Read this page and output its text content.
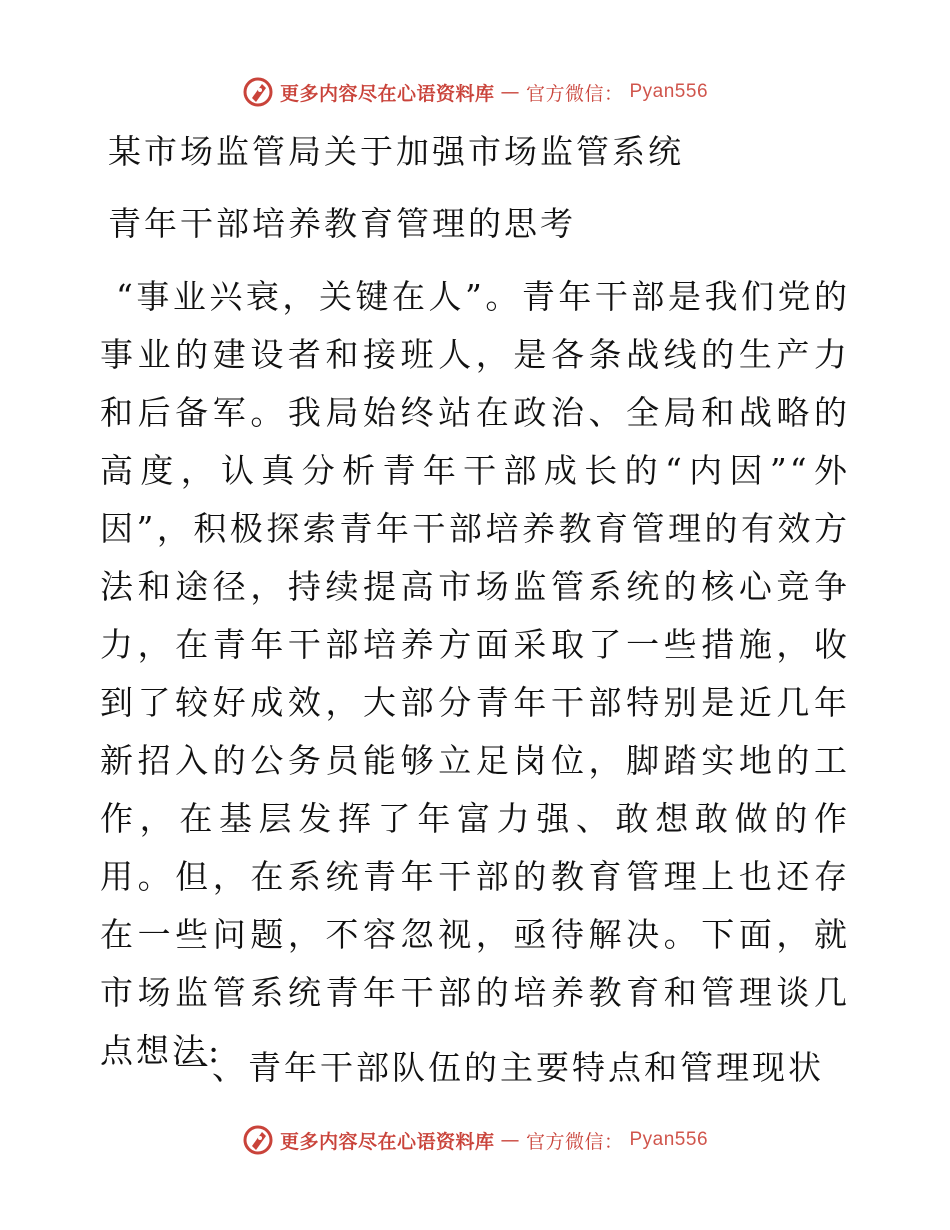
更多内容尽在心语资料库 — 官方微信： Pyan556
某市场监管局关于加强市场监管系统
青年干部培养教育管理的思考

“事业兴衰，关键在人”。青年干部是我们党的事业的建设者和接班人，是各条战线的生产力和后备军。我局始终站在政治、全局和战略的高度，认真分析青年干部成长的“内因”“外因”，积极探索青年干部培养教育管理的有效方法和途径，持续提高市场监管系统的核心竞争力，在青年干部培养方面采取了一些措施，收到了较好成效，大部分青年干部特别是近几年新招入的公务员能够立足岗位，脚踏实地的工作，在基层发挥了年富力强、敢想敢做的作用。但，在系统青年干部的教育管理上也还存在一些问题，不容忽视，亟待解决。下面，就市场监管系统青年干部的培养教育和管理谈几点想法:

一、青年干部队伍的主要特点和管理现状
更多内容尽在心语资料库 — 官方微信： Pyan556
